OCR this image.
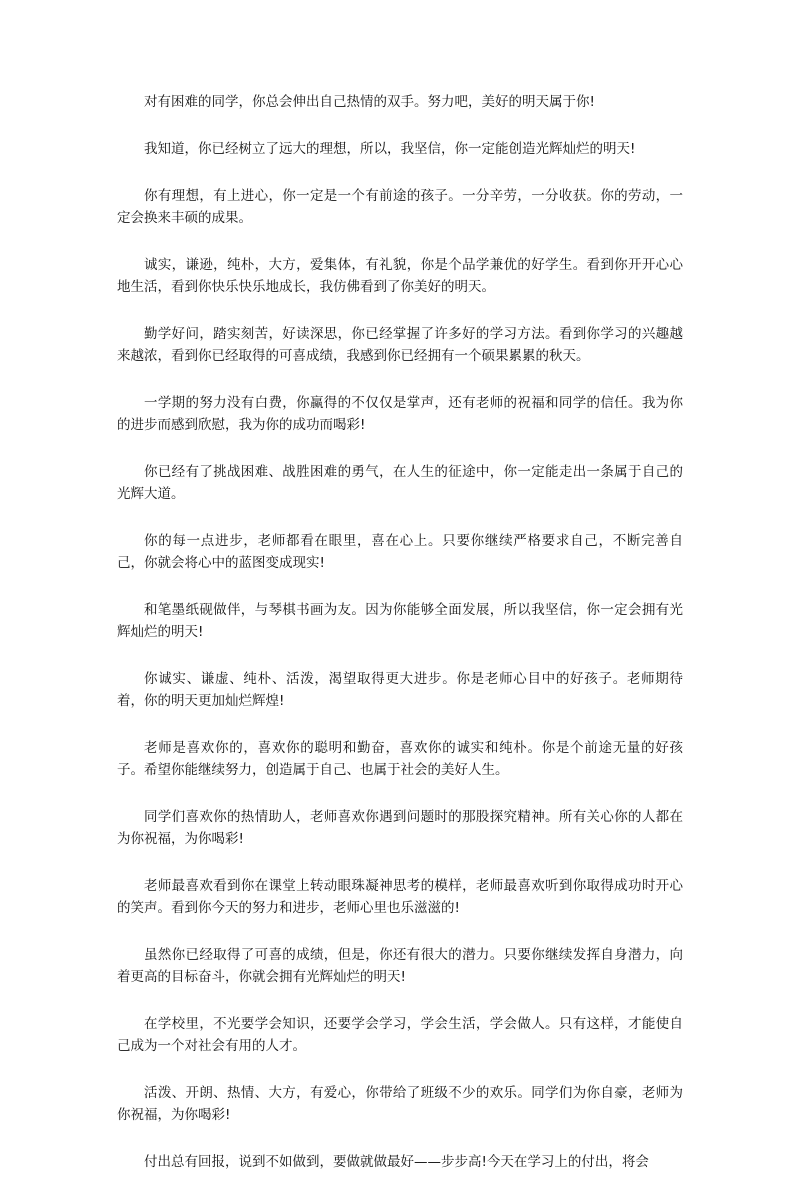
对有困难的同学，你总会伸出自己热情的双手。努力吧，美好的明天属于你!

我知道，你已经树立了远大的理想，所以，我坚信，你一定能创造光辉灿烂的明天!

你有理想，有上进心，你一定是一个有前途的孩子。一分辛劳，一分收获。你的劳动，一定会换来丰硕的成果。

诚实，谦逊，纯朴，大方，爱集体，有礼貌，你是个品学兼优的好学生。看到你开开心心地生活，看到你快乐快乐地成长，我仿佛看到了你美好的明天。

勤学好问，踏实刻苦，好读深思，你已经掌握了许多好的学习方法。看到你学习的兴趣越来越浓，看到你已经取得的可喜成绩，我感到你已经拥有一个硕果累累的秋天。

一学期的努力没有白费，你赢得的不仅仅是掌声，还有老师的祝福和同学的信任。我为你的进步而感到欣慰，我为你的成功而喝彩!

你已经有了挑战困难、战胜困难的勇气，在人生的征途中，你一定能走出一条属于自己的光辉大道。

你的每一点进步，老师都看在眼里，喜在心上。只要你继续严格要求自己，不断完善自己，你就会将心中的蓝图变成现实!

和笔墨纸砚做伴，与琴棋书画为友。因为你能够全面发展，所以我坚信，你一定会拥有光辉灿烂的明天!

你诚实、谦虚、纯朴、活泼，渴望取得更大进步。你是老师心目中的好孩子。老师期待着，你的明天更加灿烂辉煌!

老师是喜欢你的，喜欢你的聪明和勤奋，喜欢你的诚实和纯朴。你是个前途无量的好孩子。希望你能继续努力，创造属于自己、也属于社会的美好人生。

同学们喜欢你的热情助人，老师喜欢你遇到问题时的那股探究精神。所有关心你的人都在为你祝福，为你喝彩!

老师最喜欢看到你在课堂上转动眼珠凝神思考的模样，老师最喜欢听到你取得成功时开心的笑声。看到你今天的努力和进步，老师心里也乐滋滋的!

虽然你已经取得了可喜的成绩，但是，你还有很大的潜力。只要你继续发挥自身潜力，向着更高的目标奋斗，你就会拥有光辉灿烂的明天!

在学校里，不光要学会知识，还要学会学习，学会生活，学会做人。只有这样，才能使自己成为一个对社会有用的人才。

活泼、开朗、热情、大方，有爱心，你带给了班级不少的欢乐。同学们为你自豪，老师为你祝福，为你喝彩!

付出总有回报，说到不如做到，要做就做最好——步步高!今天在学习上的付出，将会
